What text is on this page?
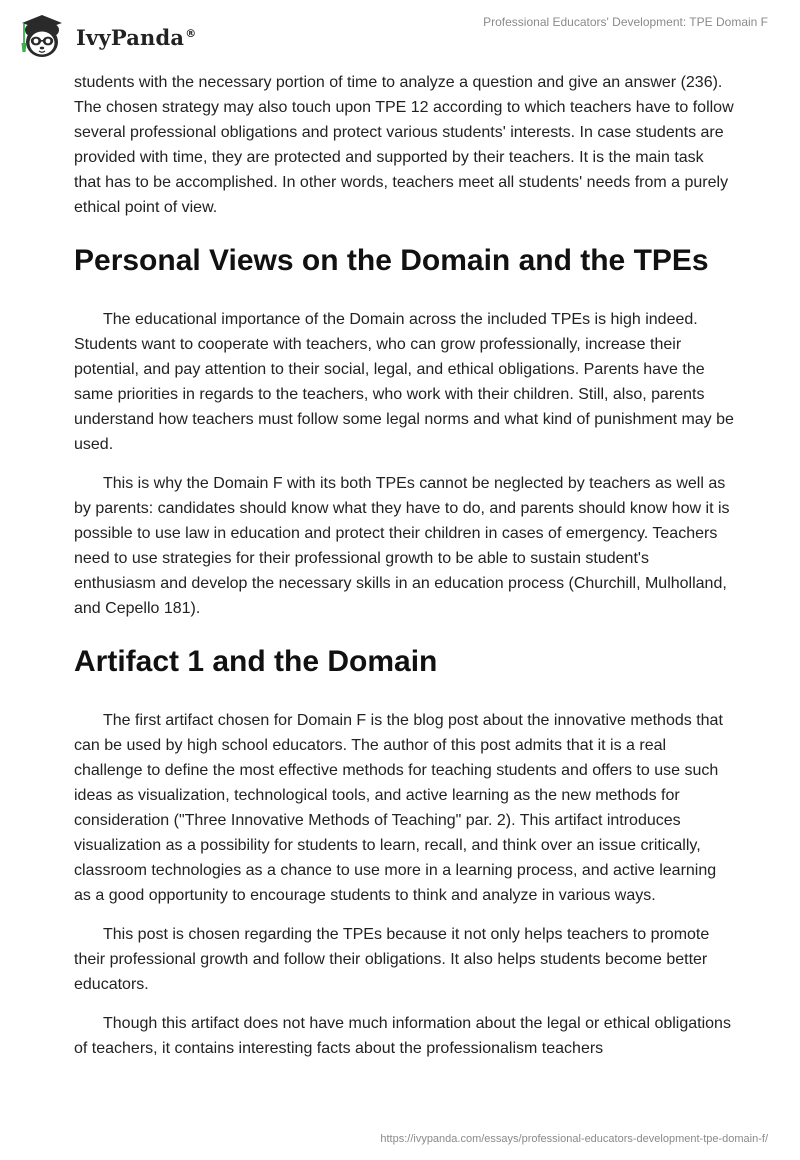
IvyPanda®
Professional Educators' Development: TPE Domain F

students with the necessary portion of time to analyze a question and give an answer (236). The chosen strategy may also touch upon TPE 12 according to which teachers have to follow several professional obligations and protect various students' interests. In case students are provided with time, they are protected and supported by their teachers. It is the main task that has to be accomplished. In other words, teachers meet all students' needs from a purely ethical point of view.

Personal Views on the Domain and the TPEs

The educational importance of the Domain across the included TPEs is high indeed. Students want to cooperate with teachers, who can grow professionally, increase their potential, and pay attention to their social, legal, and ethical obligations. Parents have the same priorities in regards to the teachers, who work with their children. Still, also, parents understand how teachers must follow some legal norms and what kind of punishment may be used.

This is why the Domain F with its both TPEs cannot be neglected by teachers as well as by parents: candidates should know what they have to do, and parents should know how it is possible to use law in education and protect their children in cases of emergency. Teachers need to use strategies for their professional growth to be able to sustain student's enthusiasm and develop the necessary skills in an education process (Churchill, Mulholland, and Cepello 181).

Artifact 1 and the Domain

The first artifact chosen for Domain F is the blog post about the innovative methods that can be used by high school educators. The author of this post admits that it is a real challenge to define the most effective methods for teaching students and offers to use such ideas as visualization, technological tools, and active learning as the new methods for consideration ("Three Innovative Methods of Teaching" par. 2). This artifact introduces visualization as a possibility for students to learn, recall, and think over an issue critically, classroom technologies as a chance to use more in a learning process, and active learning as a good opportunity to encourage students to think and analyze in various ways.

This post is chosen regarding the TPEs because it not only helps teachers to promote their professional growth and follow their obligations. It also helps students become better educators.

Though this artifact does not have much information about the legal or ethical obligations of teachers, it contains interesting facts about the professionalism teachers

https://ivypanda.com/essays/professional-educators-development-tpe-domain-f/
